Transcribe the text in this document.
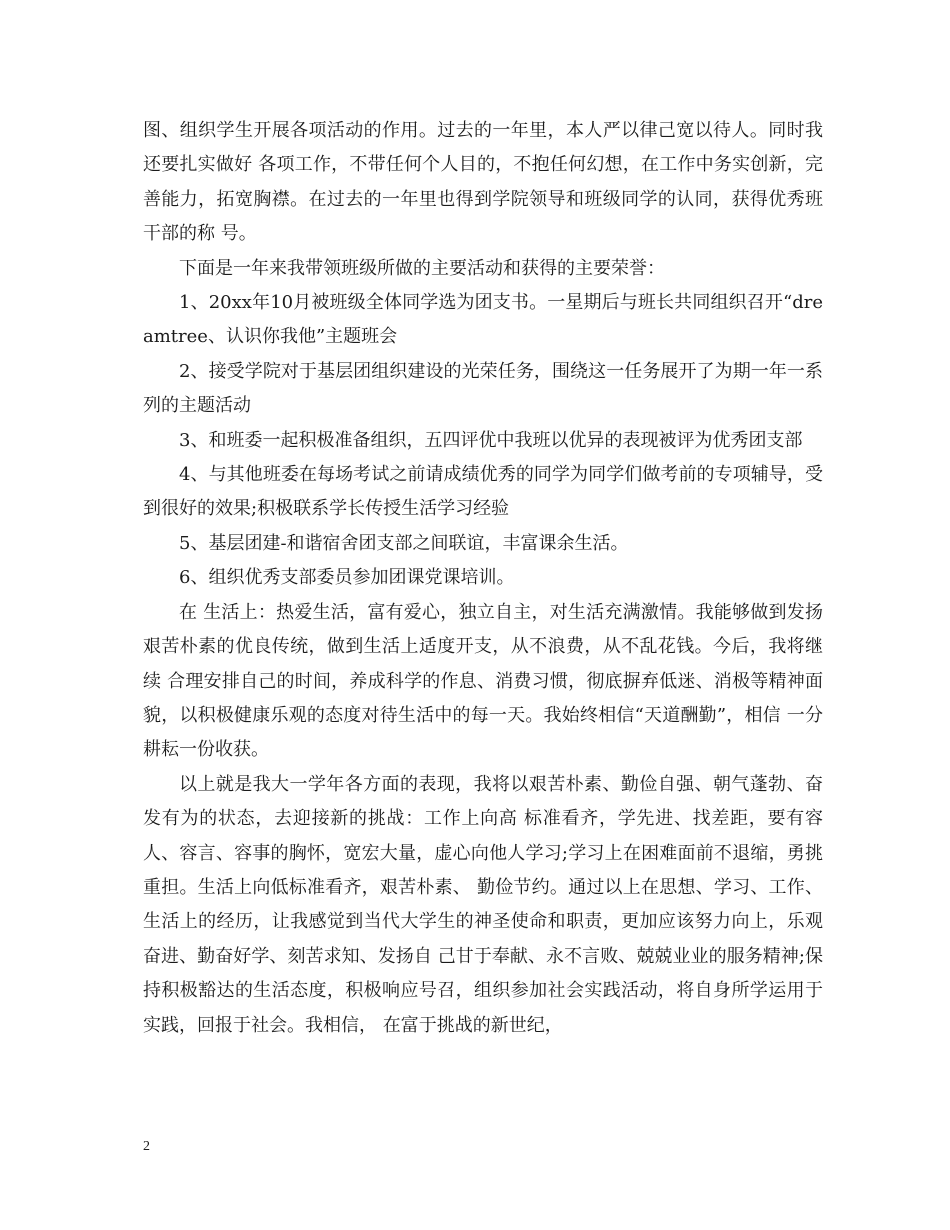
图、组织学生开展各项活动的作用。过去的一年里，本人严以律己宽以待人。同时我还要扎实做好 各项工作，不带任何个人目的，不抱任何幻想，在工作中务实创新，完善能力，拓宽胸襟。在过去的一年里也得到学院领导和班级同学的认同，获得优秀班干部的称 号。

下面是一年来我带领班级所做的主要活动和获得的主要荣誉：

1、20xx年10月被班级全体同学选为团支书。一星期后与班长共同组织召开“dreamtree、认识你我他”主题班会

2、接受学院对于基层团组织建设的光荣任务，围绕这一任务展开了为期一年一系列的主题活动

3、和班委一起积极准备组织，五四评优中我班以优异的表现被评为优秀团支部

4、与其他班委在每场考试之前请成绩优秀的同学为同学们做考前的专项辅导，受到很好的效果;积极联系学长传授生活学习经验

5、基层团建-和谐宿舍团支部之间联谊，丰富课余生活。

6、组织优秀支部委员参加团课党课培训。

在 生活上：热爱生活，富有爱心，独立自主，对生活充满激情。我能够做到发扬艰苦朴素的优良传统，做到生活上适度开支，从不浪费，从不乱花钱。今后，我将继续 合理安排自己的时间，养成科学的作息、消费习惯，彻底摒弃低迷、消极等精神面貌，以积极健康乐观的态度对待生活中的每一天。我始终相信“天道酬勤”，相信 一分耕耘一份收获。

以上就是我大一学年各方面的表现，我将以艰苦朴素、勤俭自强、朝气蓬勃、奋发有为的状态，去迎接新的挑战：工作上向高 标准看齐，学先进、找差距，要有容人、容言、容事的胸怀，宽宏大量，虚心向他人学习;学习上在困难面前不退缩，勇挑重担。生活上向低标准看齐，艰苦朴素、 勤俭节约。通过以上在思想、学习、工作、生活上的经历，让我感觉到当代大学生的神圣使命和职责，更加应该努力向上，乐观奋进、勤奋好学、刻苦求知、发扬自 己甘于奉献、永不言败、兢兢业业的服务精神;保持积极豁达的生活态度，积极响应号召，组织参加社会实践活动，将自身所学运用于实践，回报于社会。我相信， 在富于挑战的新世纪，

2
